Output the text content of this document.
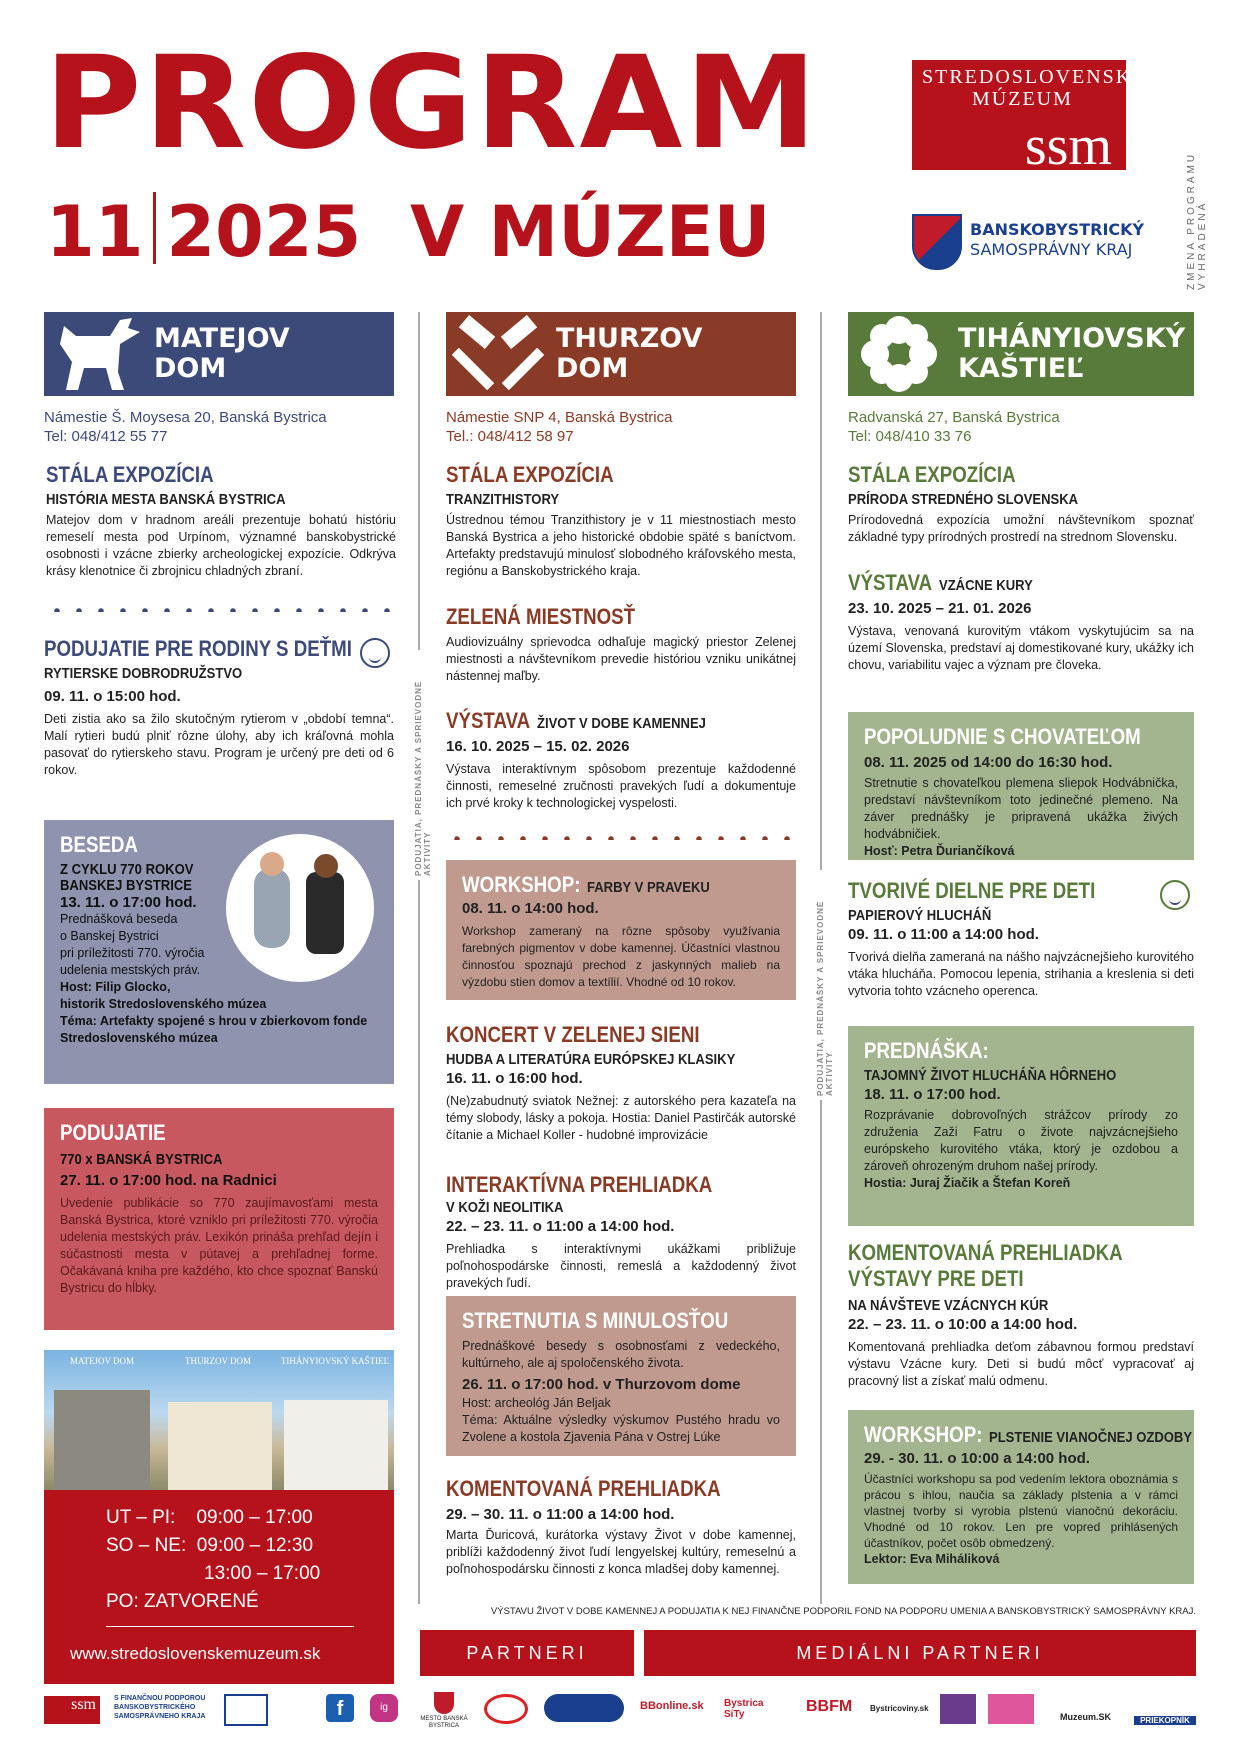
PROGRAM
11 2025 V MÚZEU
STREDOSLOVENSKÉ
MÚZEUM
ssm
BANSKOBYSTRICKÝ
SAMOSPRÁVNY KRAJ	ZMENA PROGRAMU VYHRADENÁ
PODUJATIA, PREDNÁŠKY A SPRIEVODNÉ AKTIVITY
PODUJATIA, PREDNÁŠKY A SPRIEVODNÉ AKTIVITY
MATEJOV
DOM
Námestie Š. Moysesa 20, Banská Bystrica
Tel: 048/412 55 77
STÁLA EXPOZÍCIA
HISTÓRIA MESTA BANSKÁ BYSTRICA
Matejov dom v hradnom areáli prezentuje bohatú históriu remeselí mesta pod Urpínom, významné banskobystrické osobnosti i vzácne zbierky archeologickej expozície. Odkrýva krásy klenotnice či zbrojnicu chladných zbraní.
PODUJATIE PRE RODINY S DEŤMI
RYTIERSKE DOBRODRUŽSTVO
09. 11. o 15:00 hod.
Deti zistia ako sa žilo skutočným rytierom v „období temna“. Malí rytieri budú plniť rôzne úlohy, aby ich kráľovná mohla pasovať do rytierskeho stavu. Program je určený pre deti od 6 rokov.
BESEDA
Z CYKLU 770 ROKOV
BANSKEJ BYSTRICE
13. 11. o 17:00 hod.
Prednášková beseda
o Banskej Bystrici
pri príležitosti 770. výročia
udelenia mestských práv.
Host: Filip Glocko,
historik Stredoslovenského múzea
Téma: Artefakty spojené s hrou v zbierkovom fonde
Stredoslovenského múzea
PODUJATIE
770 x BANSKÁ BYSTRICA
27. 11. o 17:00 hod. na Radnici
Uvedenie publikácie so 770 zaujímavosťami mesta Banská Bystrica, ktoré vzniklo pri príležitosti 770. výročia udelenia mestských práv. Lexikón prináša prehľad dejín i súčastnosti mesta v pútavej a prehľadnej forme. Očakávaná kniha pre každého, kto chce spoznať Banskú Bystricu do hĺbky.
MATEJOV DOM	THURZOV DOM	TIHÁNYIOVSKÝ KAŠTIEĽ
UT – PI:    09:00 – 17:00
SO – NE:  09:00 – 12:30
13:00 – 17:00
PO: ZATVORENÉ
www.stredoslovenskemuzeum.sk
THURZOV
DOM
Námestie SNP 4, Banská Bystrica
Tel.: 048/412 58 97
STÁLA EXPOZÍCIA
TRANZITHISTORY
Ústrednou témou Tranzithistory je v 11 miestnostiach mesto Banská Bystrica a jeho historické obdobie späté s baníctvom. Artefakty predstavujú minulosť slobodného kráľovského mesta, regiónu a Banskobystrického kraja.
ZELENÁ MIESTNOSŤ
Audiovizuálny sprievodca odhaľuje magický priestor Zelenej miestnosti a návštevníkom prevedie históriou vzniku unikátnej nástennej maľby.
VÝSTAVA ŽIVOT V DOBE KAMENNEJ
16. 10. 2025 – 15. 02. 2026
Výstava interaktívnym spôsobom prezentuje každodenné činnosti, remeselné zručnosti pravekých ľudí a dokumentuje ich prvé kroky k technologickej vyspelosti.
WORKSHOP: FARBY V PRAVEKU
08. 11. o 14:00 hod.
Workshop zameraný na rôzne spôsoby využívania farebných pigmentov v dobe kamennej. Účastníci vlastnou činnosťou spoznajú prechod z jaskynných malieb na výzdobu stien domov a textílií. Vhodné od 10 rokov.
KONCERT V ZELENEJ SIENI
HUDBA A LITERATÚRA EURÓPSKEJ KLASIKY
16. 11. o 16:00 hod.
(Ne)zabudnutý sviatok Nežnej: z autorského pera kazateľa na témy slobody, lásky a pokoja. Hostia: Daniel Pastirčák autorské čítanie a Michael Koller - hudobné improvizácie
INTERAKTÍVNA PREHLIADKA
V KOŽI NEOLITIKA
22. – 23. 11. o 11:00 a 14:00 hod.
Prehliadka s interaktívnymi ukážkami približuje poľnohospodárske činnosti, remeslá a každodenný život pravekých ľudí.
STRETNUTIA S MINULOSŤOU
Prednáškové besedy s osobnosťami z vedeckého, kultúrneho, ale aj spoločenského života.
26. 11. o 17:00 hod. v Thurzovom dome
Host: archeológ Ján Beljak
Téma: Aktuálne výsledky výskumov Pustého hradu vo Zvolene a kostola Zjavenia Pána v Ostrej Lúke
KOMENTOVANÁ PREHLIADKA
29. – 30. 11. o 11:00 a 14:00 hod.
Marta Ďuricová, kurátorka výstavy Život v dobe kamennej, priblíži každodenný život ľudí lengyelskej kultúry, remeselnú a poľnohospodársku činnosti z konca mladšej doby kamennej.
TIHÁNYIOVSKÝ
KAŠTIEĽ
Radvanská 27, Banská Bystrica
Tel: 048/410 33 76
STÁLA EXPOZÍCIA
PRÍRODA STREDNÉHO SLOVENSKA
Prírodovedná expozícia umožní návštevníkom spoznať základné typy prírodných prostredí na strednom Slovensku.
VÝSTAVA VZÁCNE KURY
23. 10. 2025 – 21. 01. 2026
Výstava, venovaná kurovitým vtákom vyskytujúcim sa na území Slovenska, predstaví aj domestikované kury, ukážky ich chovu, variabilitu vajec a význam pre človeka.
POPOLUDNIE S CHOVATEĽOM
08. 11. 2025 od 14:00 do 16:30 hod.
Stretnutie s chovateľkou plemena sliepok Hodvábnička, predstaví návštevníkom toto jedinečné plemeno. Na záver prednášky je pripravená ukážka živých hodvábničiek.
Hosť: Petra Ďuriančíková
TVORIVÉ DIELNE PRE DETI
PAPIEROVÝ HLUCHÁŇ
09. 11. o 11:00 a 14:00 hod.
Tvorivá dielňa zameraná na nášho najvzácnejšieho kurovitého vtáka hlucháňa. Pomocou lepenia, strihania a kreslenia si deti vytvoria tohto vzácneho operenca.
PREDNÁŠKA:
TAJOMNÝ ŽIVOT HLUCHÁŇA HÔRNEHO
18. 11. o 17:00 hod.
Rozprávanie dobrovoľných strážcov prírody zo združenia Zaži Fatru o živote najvzácnejšieho európskeho kurovitého vtáka, ktorý je ozdobou a zároveň ohrozeným druhom našej prírody.
Hostia: Juraj Žiačik a Štefan Koreň
KOMENTOVANÁ PREHLIADKA
VÝSTAVY PRE DETI
NA NÁVŠTEVE VZÁCNYCH KÚR
22. – 23. 11. o 10:00 a 14:00 hod.
Komentovaná prehliadka deťom zábavnou formou predstaví výstavu Vzácne kury. Deti si budú môcť vypracovať aj pracovný list a získať malú odmenu.
WORKSHOP: PLSTENIE VIANOČNEJ OZDOBY
29. - 30. 11. o 10:00 a 14:00 hod.
Účastníci workshopu sa pod vedením lektora oboznámia s prácou s ihlou, naučia sa základy plstenia a v rámci vlastnej tvorby si vyrobia plstenú vianočnú dekoráciu. Vhodné od 10 rokov. Len pre vopred prihlásených účastníkov, počet osôb obmedzený.
Lektor: Eva Miháliková
VÝSTAVU ŽIVOT V DOBE KAMENNEJ A PODUJATIA K NEJ FINANČNE PODPORIL FOND NA PODPORU UMENIA A BANSKOBYSTRICKÝ SAMOSPRÁVNY KRAJ.
PARTNERI	MEDIÁLNI PARTNERI
ssm	S FINANČNOU PODPOROU BANSKOBYSTRICKÉHO SAMOSPRÁVNEHO KRAJA	f	ig
MESTO BANSKÁ BYSTRICA
BBonline.sk Bystrica SiTy	BBFM Bystricoviny.sk
Muzeum.SK	PRIEKOPNÍK
